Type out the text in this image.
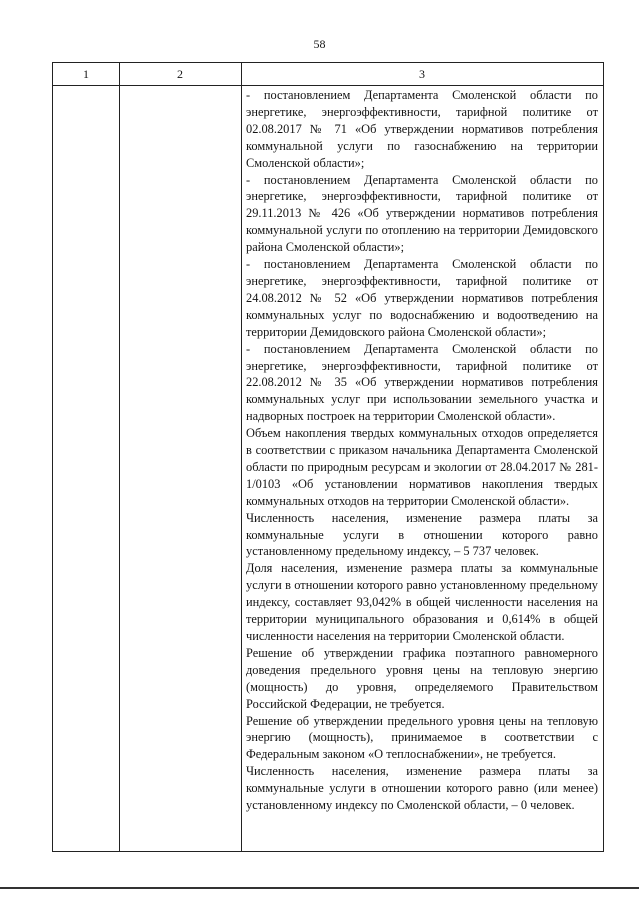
58
1	2	3

- постановлением Департамента Смоленской области по энергетике, энергоэффективности, тарифной политике от 02.08.2017 № 71 «Об утверждении нормативов потребления коммунальной услуги по газоснабжению на территории Смоленской области»;

- постановлением Департамента Смоленской области по энергетике, энергоэффективности, тарифной политике от 29.11.2013 № 426 «Об утверждении нормативов потребления коммунальной услуги по отоплению на территории Демидовского района Смоленской области»;

- постановлением Департамента Смоленской области по энергетике, энергоэффективности, тарифной политике от 24.08.2012 № 52 «Об утверждении нормативов потребления коммунальных услуг по водоснабжению и водоотведению на территории Демидовского района Смоленской области»;

- постановлением Департамента Смоленской области по энергетике, энергоэффективности, тарифной политике от 22.08.2012 № 35 «Об утверждении нормативов потребления коммунальных услуг при использовании земельного участка и надворных построек на территории Смоленской области».

Объем накопления твердых коммунальных отходов определяется в соответствии с приказом начальника Департамента Смоленской области по природным ресурсам и экологии от 28.04.2017 № 281-1/0103 «Об установлении нормативов накопления твердых коммунальных отходов на территории Смоленской области».

Численность населения, изменение размера платы за коммунальные услуги в отношении которого равно установленному предельному индексу, – 5 737 человек.

Доля населения, изменение размера платы за коммунальные услуги в отношении которого равно установленному предельному индексу, составляет 93,042% в общей численности населения на территории муниципального образования и 0,614% в общей численности населения на территории Смоленской области.

Решение об утверждении графика поэтапного равномерного доведения предельного уровня цены на тепловую энергию (мощность) до уровня, определяемого Правительством Российской Федерации, не требуется.

Решение об утверждении предельного уровня цены на тепловую энергию (мощность), принимаемое в соответствии с Федеральным законом «О теплоснабжении», не требуется.

Численность населения, изменение размера платы за коммунальные услуги в отношении которого равно (или менее) установленному индексу по Смоленской области, – 0 человек.
